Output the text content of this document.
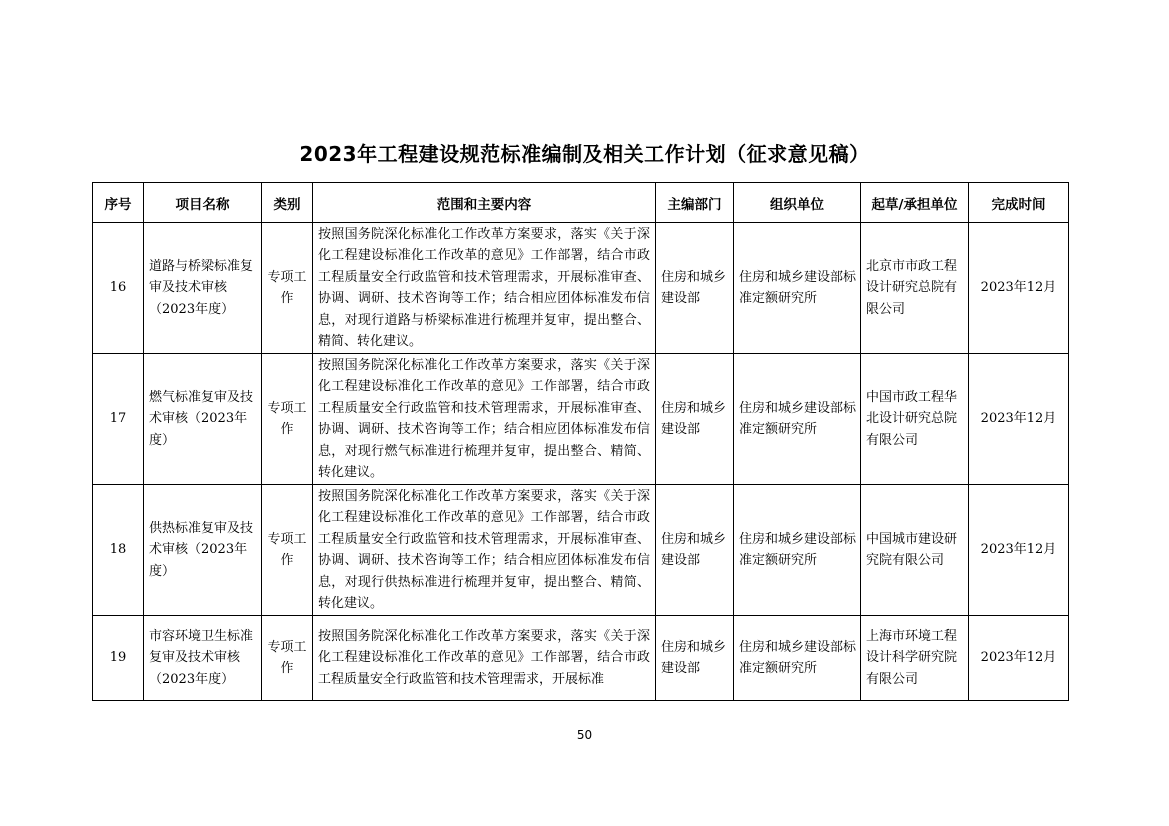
2023年工程建设规范标准编制及相关工作计划（征求意见稿）
序号	项目名称	类别	范围和主要内容	主编部门	组织单位	起草/承担单位	完成时间
16	道路与桥梁标准复审及技术审核（2023年度）	专项工作	按照国务院深化标准化工作改革方案要求，落实《关于深化工程建设标准化工作改革的意见》工作部署，结合市政工程质量安全行政监管和技术管理需求，开展标准审查、协调、调研、技术咨询等工作；结合相应团体标准发布信息，对现行道路与桥梁标准进行梳理并复审，提出整合、精简、转化建议。	住房和城乡建设部	住房和城乡建设部标准定额研究所	北京市市政工程设计研究总院有限公司	2023年12月
17	燃气标准复审及技术审核（2023年度）	专项工作	按照国务院深化标准化工作改革方案要求，落实《关于深化工程建设标准化工作改革的意见》工作部署，结合市政工程质量安全行政监管和技术管理需求，开展标准审查、协调、调研、技术咨询等工作；结合相应团体标准发布信息，对现行燃气标准进行梳理并复审，提出整合、精简、转化建议。	住房和城乡建设部	住房和城乡建设部标准定额研究所	中国市政工程华北设计研究总院有限公司	2023年12月
18	供热标准复审及技术审核（2023年度）	专项工作	按照国务院深化标准化工作改革方案要求，落实《关于深化工程建设标准化工作改革的意见》工作部署，结合市政工程质量安全行政监管和技术管理需求，开展标准审查、协调、调研、技术咨询等工作；结合相应团体标准发布信息，对现行供热标准进行梳理并复审，提出整合、精简、转化建议。	住房和城乡建设部	住房和城乡建设部标准定额研究所	中国城市建设研究院有限公司	2023年12月
19	市容环境卫生标准复审及技术审核（2023年度）	专项工作	按照国务院深化标准化工作改革方案要求，落实《关于深化工程建设标准化工作改革的意见》工作部署，结合市政工程质量安全行政监管和技术管理需求，开展标准	住房和城乡建设部	住房和城乡建设部标准定额研究所	上海市环境工程设计科学研究院有限公司	2023年12月
50
